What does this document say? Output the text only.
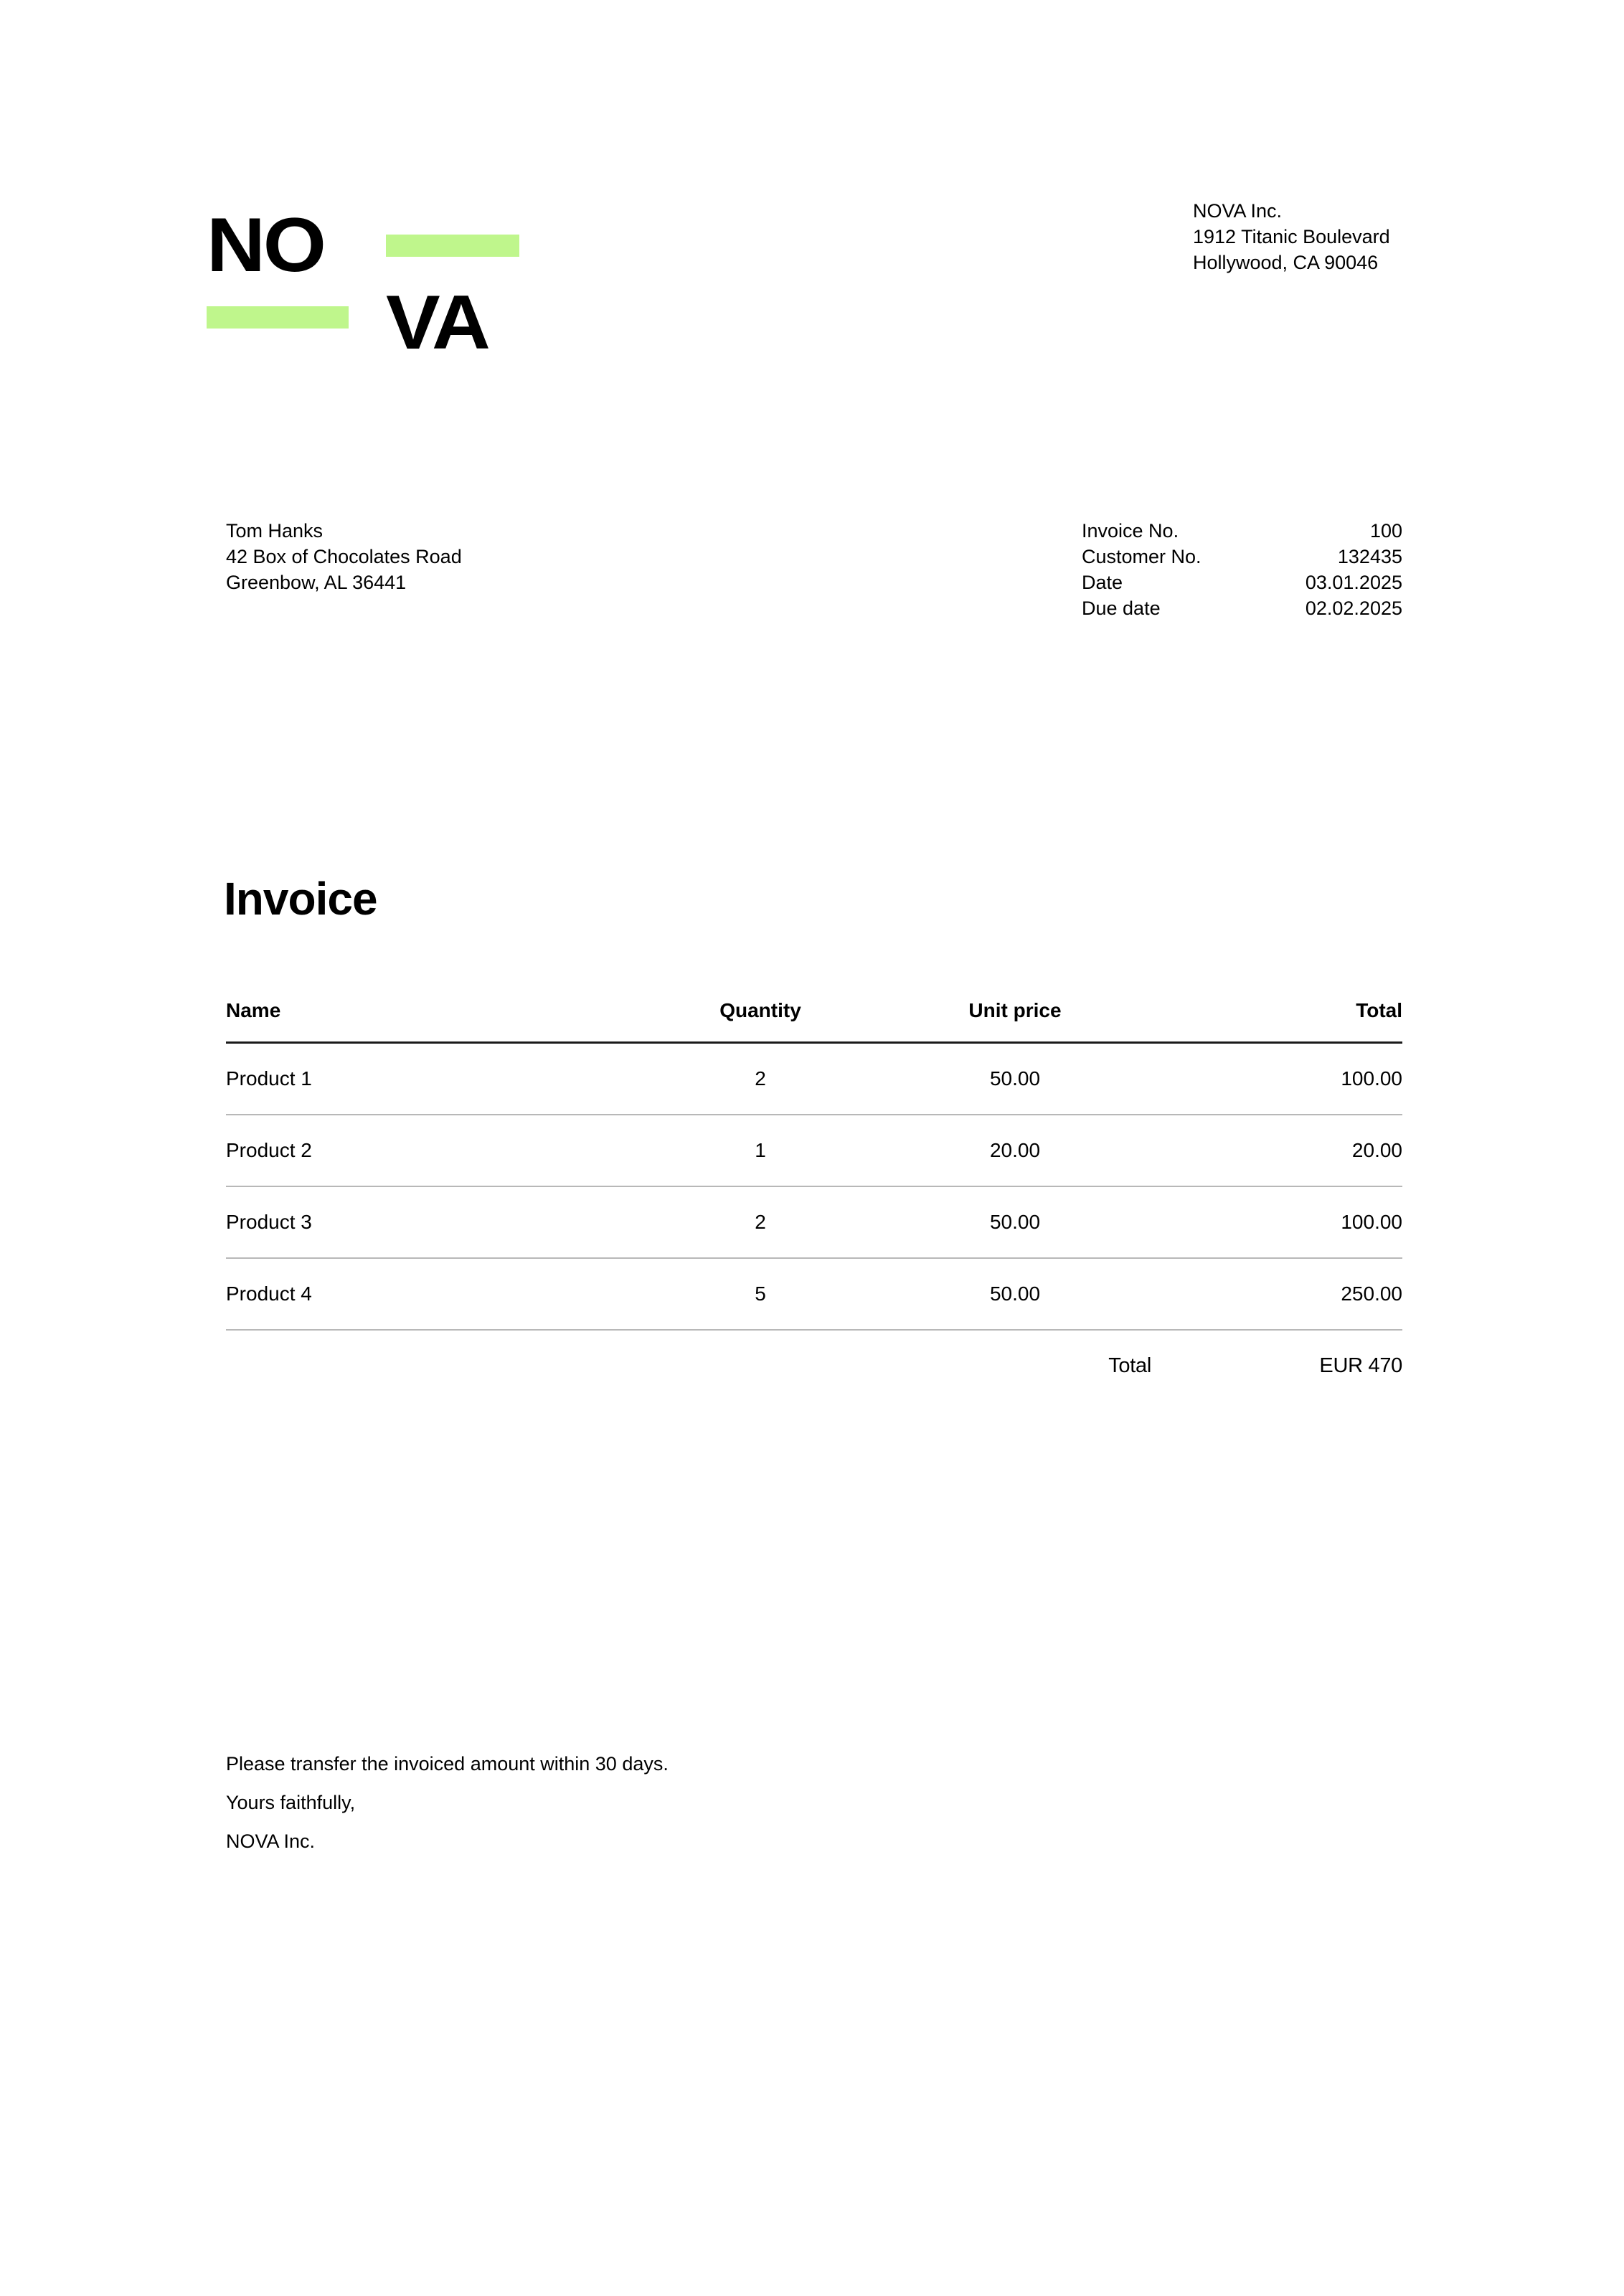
NO
VA
NOVA Inc.
1912 Titanic Boulevard
Hollywood, CA 90046
Tom Hanks
42 Box of Chocolates Road
Greenbow, AL 36441
Invoice No.	100
Customer No.	132435
Date	03.01.2025
Due date	02.02.2025
Invoice
Name	Quantity	Unit price	Total
Product 1	2	50.00	100.00
Product 2	1	20.00	20.00
Product 3	2	50.00	100.00
Product 4	5	50.00	250.00
		Total	EUR 470
Please transfer the invoiced amount within 30 days.
Yours faithfully,
NOVA Inc.
